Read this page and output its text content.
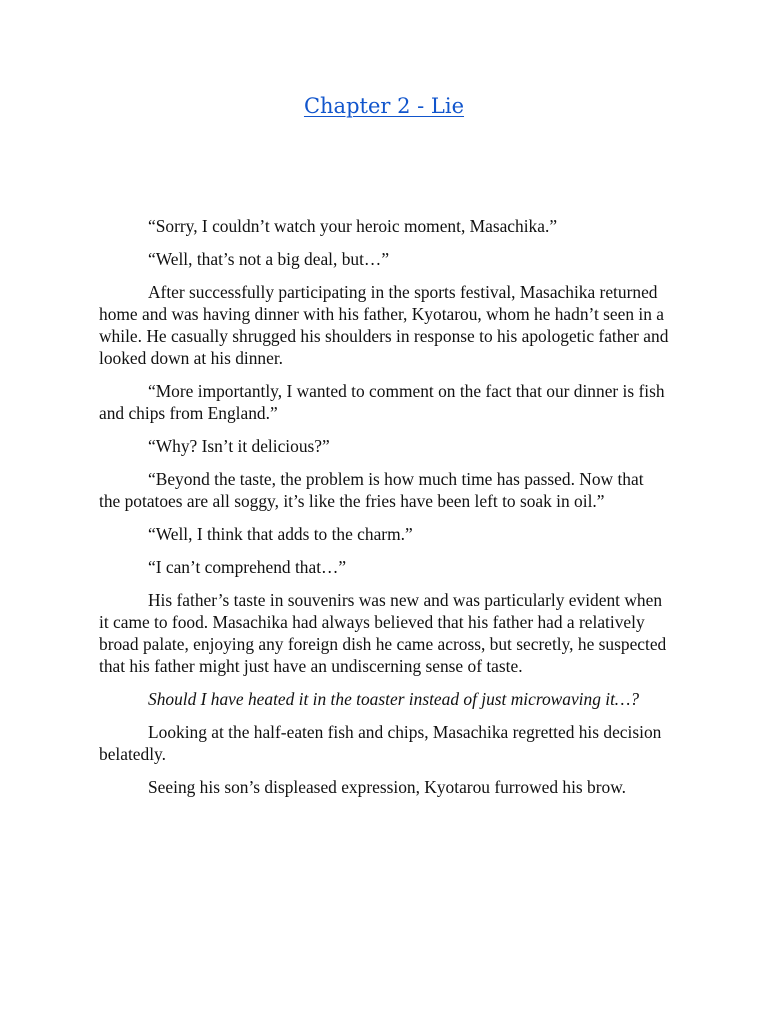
Chapter 2 - Lie

“Sorry, I couldn’t watch your heroic moment, Masachika.”

“Well, that’s not a big deal, but…”

After successfully participating in the sports festival, Masachika returned home and was having dinner with his father, Kyotarou, whom he hadn’t seen in a while. He casually shrugged his shoulders in response to his apologetic father and looked down at his dinner.

“More importantly, I wanted to comment on the fact that our dinner is fish and chips from England.”

“Why? Isn’t it delicious?”

“Beyond the taste, the problem is how much time has passed. Now that the potatoes are all soggy, it’s like the fries have been left to soak in oil.”

“Well, I think that adds to the charm.”

“I can’t comprehend that…”

His father’s taste in souvenirs was new and was particularly evident when it came to food. Masachika had always believed that his father had a relatively broad palate, enjoying any foreign dish he came across, but secretly, he suspected that his father might just have an undiscerning sense of taste.

Should I have heated it in the toaster instead of just microwaving it…?

Looking at the half-eaten fish and chips, Masachika regretted his decision belatedly.

Seeing his son’s displeased expression, Kyotarou furrowed his brow.
